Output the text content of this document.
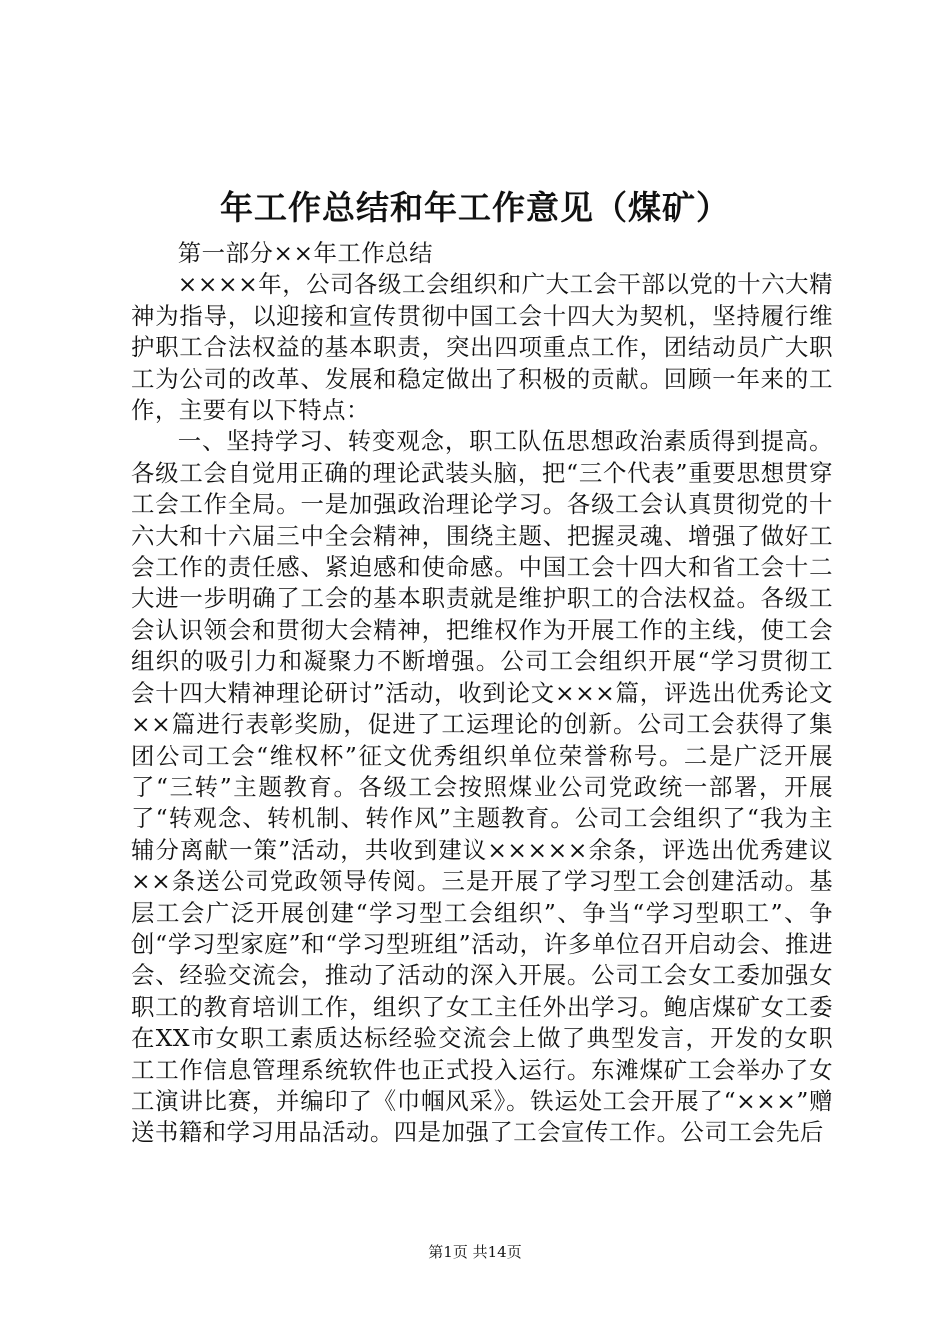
年工作总结和年工作意见（煤矿）

第一部分××年工作总结

××××年，公司各级工会组织和广大工会干部以党的十六大精神为指导，以迎接和宣传贯彻中国工会十四大为契机，坚持履行维护职工合法权益的基本职责，突出四项重点工作，团结动员广大职工为公司的改革、发展和稳定做出了积极的贡献。回顾一年来的工作，主要有以下特点：

一、坚持学习、转变观念，职工队伍思想政治素质得到提高。各级工会自觉用正确的理论武装头脑，把“三个代表”重要思想贯穿工会工作全局。一是加强政治理论学习。各级工会认真贯彻党的十六大和十六届三中全会精神，围绕主题、把握灵魂、增强了做好工会工作的责任感、紧迫感和使命感。中国工会十四大和省工会十二大进一步明确了工会的基本职责就是维护职工的合法权益。各级工会认识领会和贯彻大会精神，把维权作为开展工作的主线，使工会组织的吸引力和凝聚力不断增强。公司工会组织开展“学习贯彻工会十四大精神理论研讨”活动，收到论文×××篇，评选出优秀论文××篇进行表彰奖励，促进了工运理论的创新。公司工会获得了集团公司工会“维权杯”征文优秀组织单位荣誉称号。二是广泛开展了“三转”主题教育。各级工会按照煤业公司党政统一部署，开展了“转观念、转机制、转作风”主题教育。公司工会组织了“我为主辅分离献一策”活动，共收到建议×××××余条，评选出优秀建议××条送公司党政领导传阅。三是开展了学习型工会创建活动。基层工会广泛开展创建“学习型工会组织”、争当“学习型职工”、争创“学习型家庭”和“学习型班组”活动，许多单位召开启动会、推进会、经验交流会，推动了活动的深入开展。公司工会女工委加强女职工的教育培训工作，组织了女工主任外出学习。鲍店煤矿女工委在XX市女职工素质达标经验交流会上做了典型发言，开发的女职工工作信息管理系统软件也正式投入运行。东滩煤矿工会举办了女工演讲比赛，并编印了《巾帼风采》。铁运处工会开展了“×××”赠送书籍和学习用品活动。四是加强了工会宣传工作。公司工会先后

第1页 共14页
